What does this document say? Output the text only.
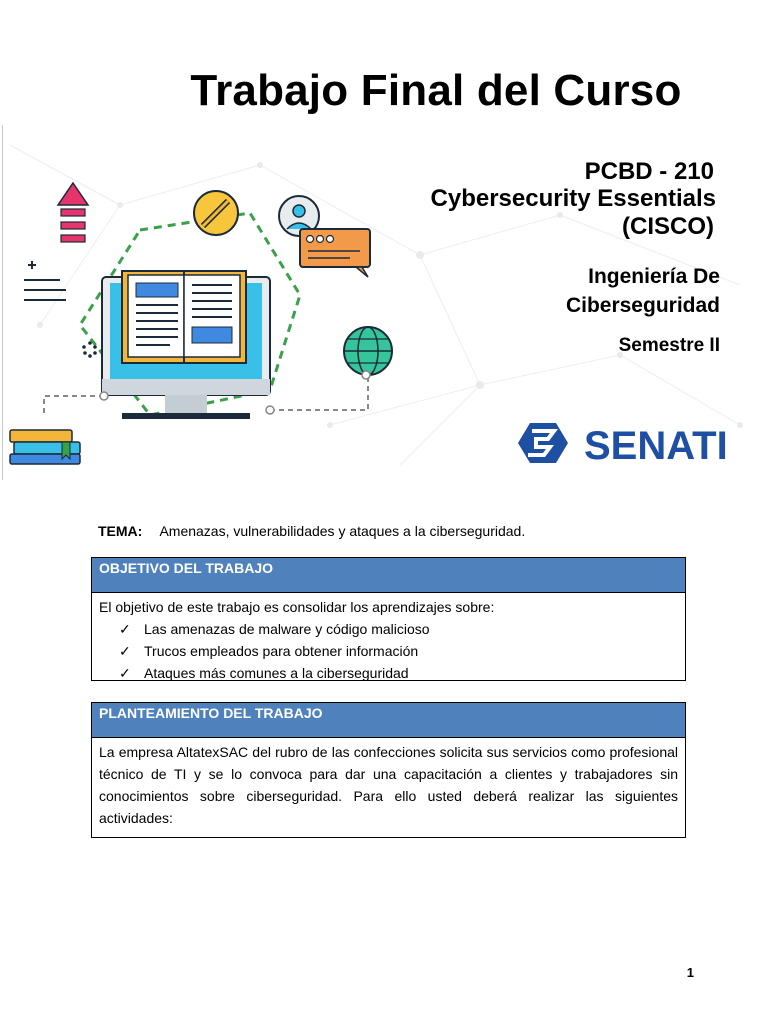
Trabajo Final del Curso
SENATI
PCBD - 210
Cybersecurity Essentials
(CISCO)
Ingeniería De
Ciberseguridad
Semestre II
TEMA: Amenazas, vulnerabilidades y ataques a la ciberseguridad.
OBJETIVO DEL TRABAJO
El objetivo de este trabajo es consolidar los aprendizajes sobre:
✓ Las amenazas de malware y código malicioso
✓ Trucos empleados para obtener información
✓ Ataques más comunes a la ciberseguridad
PLANTEAMIENTO DEL TRABAJO
La empresa AltatexSAC del rubro de las confecciones solicita sus servicios como profesional técnico de TI y se lo convoca para dar una capacitación a clientes y trabajadores sin conocimientos sobre ciberseguridad. Para ello usted deberá realizar las siguientes actividades:
1
